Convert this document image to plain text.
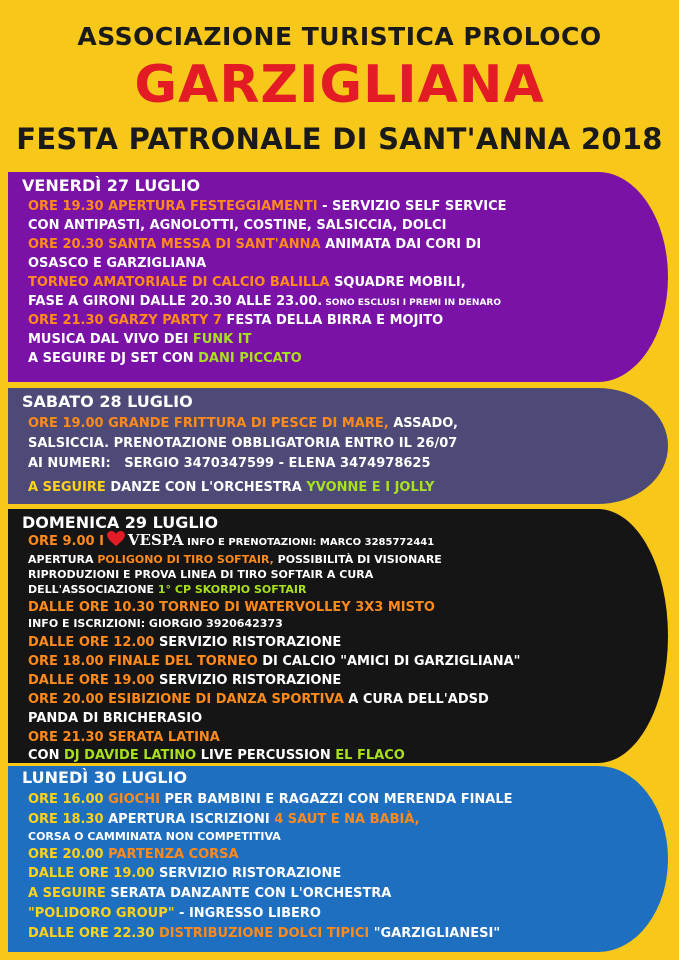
ASSOCIAZIONE TURISTICA PROLOCO
GARZIGLIANA
FESTA PATRONALE DI SANT'ANNA 2018
VENERDÌ 27 LUGLIO
ORE 19.30 APERTURA FESTEGGIAMENTI - SERVIZIO SELF SERVICE
CON ANTIPASTI, AGNOLOTTI, COSTINE, SALSICCIA, DOLCI
ORE 20.30 SANTA MESSA DI SANT'ANNA ANIMATA DAI CORI DI
OSASCO E GARZIGLIANA
TORNEO AMATORIALE DI CALCIO BALILLA SQUADRE MOBILI,
FASE A GIRONI DALLE 20.30 ALLE 23.00. SONO ESCLUSI I PREMI IN DENARO
ORE 21.30 GARZY PARTY 7 FESTA DELLA BIRRA E MOJITO
MUSICA DAL VIVO DEI FUNK IT
A SEGUIRE DJ SET CON DANI PICCATO
SABATO 28 LUGLIO
ORE 19.00 GRANDE FRITTURA DI PESCE DI MARE, ASSADO,
SALSICCIA. PRENOTAZIONE OBBLIGATORIA ENTRO IL 26/07
AI NUMERI:   SERGIO 3470347599 - ELENA 3474978625
A SEGUIRE DANZE CON L'ORCHESTRA YVONNE E I JOLLY
DOMENICA 29 LUGLIO
ORE 9.00 I VESPA INFO E PRENOTAZIONI: MARCO 3285772441
APERTURA POLIGONO DI TIRO SOFTAIR, POSSIBILITÀ DI VISIONARE
RIPRODUZIONI E PROVA LINEA DI TIRO SOFTAIR A CURA
DELL'ASSOCIAZIONE 1° CP SKORPIO SOFTAIR
DALLE ORE 10.30 TORNEO DI WATERVOLLEY 3X3 MISTO
INFO E ISCRIZIONI: GIORGIO 3920642373
DALLE ORE 12.00 SERVIZIO RISTORAZIONE
ORE 18.00 FINALE DEL TORNEO DI CALCIO "AMICI DI GARZIGLIANA"
DALLE ORE 19.00 SERVIZIO RISTORAZIONE
ORE 20.00 ESIBIZIONE DI DANZA SPORTIVA A CURA DELL'ADSD
PANDA DI BRICHERASIO
ORE 21.30 SERATA LATINA
CON DJ DAVIDE LATINO LIVE PERCUSSION EL FLACO
LUNEDÌ 30 LUGLIO
ORE 16.00 GIOCHI PER BAMBINI E RAGAZZI CON MERENDA FINALE
ORE 18.30 APERTURA ISCRIZIONI 4 SAUT E NA BABIÀ,
CORSA O CAMMINATA NON COMPETITIVA
ORE 20.00 PARTENZA CORSA
DALLE ORE 19.00 SERVIZIO RISTORAZIONE
A SEGUIRE SERATA DANZANTE CON L'ORCHESTRA
"POLIDORO GROUP" - INGRESSO LIBERO
DALLE ORE 22.30 DISTRIBUZIONE DOLCI TIPICI "GARZIGLIANESI"
